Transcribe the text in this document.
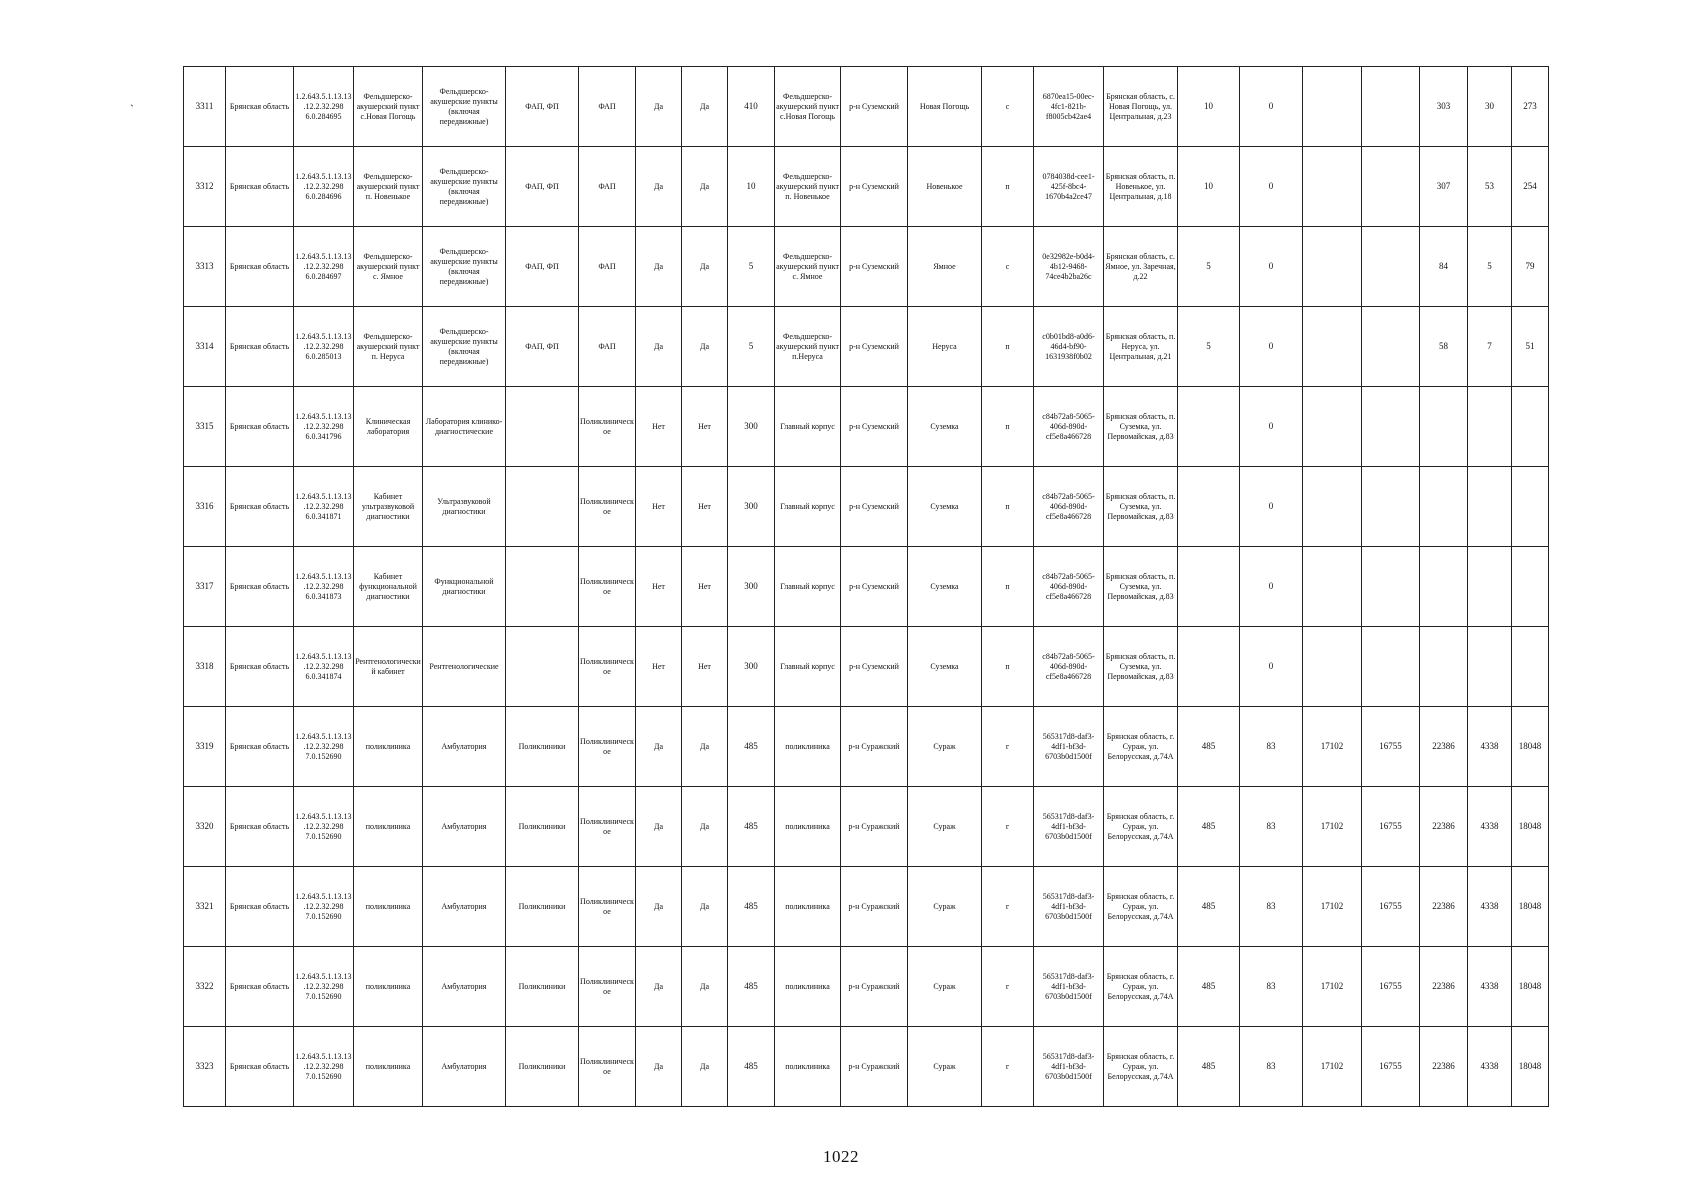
`	3311	Брянская область	1.2.643.5.1.13.13.12.2.32.298 6.0.284695	Фельдшерско-акушерский пункт с.Новая Погощь	Фельдшерско-акушерские пункты (включая передвижные)	ФАП, ФП	ФАП	Да	Да	410	Фельдшерско-акушерский пункт с.Новая Погощь	р-н Суземский	Новая Погощь	с	6870ea15-00ec-4fc1-821b-f8005cb42ae4	Брянская область, с. Новая Погощь, ул. Центральная, д.23	10	0			303	30	273
3312	Брянская область	1.2.643.5.1.13.13.12.2.32.298 6.0.284696	Фельдшерско-акушерский пункт п. Новенькое	Фельдшерско-акушерские пункты (включая передвижные)	ФАП, ФП	ФАП	Да	Да	10	Фельдшерско-акушерский пункт п. Новенькое	р-н Суземский	Новенькое	п	0784038d-cee1-425f-8bc4-1670b4a2ce47	Брянская область, п. Новенькое, ул. Центральная, д.18	10	0			307	53	254
3313	Брянская область	1.2.643.5.1.13.13.12.2.32.298 6.0.284697	Фельдшерско-акушерский пункт с. Ямное	Фельдшерско-акушерские пункты (включая передвижные)	ФАП, ФП	ФАП	Да	Да	5	Фельдшерско-акушерский пункт с. Ямное	р-н Суземский	Ямное	с	0e32982e-b0d4-4b12-9468-74ce4b2ba26c	Брянская область, с. Ямное, ул. Заречная, д.22	5	0			84	5	79
3314	Брянская область	1.2.643.5.1.13.13.12.2.32.298 6.0.285013	Фельдшерско-акушерский пункт п. Неруса	Фельдшерско-акушерские пункты (включая передвижные)	ФАП, ФП	ФАП	Да	Да	5	Фельдшерско-акушерский пункт п.Неруса	р-н Суземский	Неруса	п	c0b01bd8-a0d6-46d4-bf90-1631938f0b02	Брянская область, п. Неруса, ул. Центральная, д.21	5	0			58	7	51
3315	Брянская область	1.2.643.5.1.13.13.12.2.32.298 6.0.341796	Клиническая лаборатория	Лаборатория клинико-диагностические		Поликлиническое	Нет	Нет	300	Главный корпус	р-н Суземский	Суземка	п	c84b72a8-5065-406d-890d-cf5e8a466728	Брянская область, п. Суземка, ул. Первомайская, д.83		0					
3316	Брянская область	1.2.643.5.1.13.13.12.2.32.298 6.0.341871	Кабинет ультразвуковой диагностики	Ультразвуковой диагностики		Поликлиническое	Нет	Нет	300	Главный корпус	р-н Суземский	Суземка	п	c84b72a8-5065-406d-890d-cf5e8a466728	Брянская область, п. Суземка, ул. Первомайская, д.83		0					
3317	Брянская область	1.2.643.5.1.13.13.12.2.32.298 6.0.341873	Кабинет функциональной диагностики	Функциональной диагностики		Поликлиническое	Нет	Нет	300	Главный корпус	р-н Суземский	Суземка	п	c84b72a8-5065-406d-890d-cf5e8a466728	Брянская область, п. Суземка, ул. Первомайская, д.83		0					
3318	Брянская область	1.2.643.5.1.13.13.12.2.32.298 6.0.341874	Рентгенологический кабинет	Рентгенологические		Поликлиническое	Нет	Нет	300	Главный корпус	р-н Суземский	Суземка	п	c84b72a8-5065-406d-890d-cf5e8a466728	Брянская область, п. Суземка, ул. Первомайская, д.83		0					
3319	Брянская область	1.2.643.5.1.13.13.12.2.32.298 7.0.152690	поликлиника	Амбулатория	Поликлиники	Поликлиническое	Да	Да	485	поликлиника	р-н Суражский	Сураж	г	565317d8-daf3-4df1-bf3d-6703b0d1500f	Брянская область, г. Сураж, ул. Белорусская, д.74А	485	83	17102	16755	22386	4338	18048
3320	Брянская область	1.2.643.5.1.13.13.12.2.32.298 7.0.152690	поликлиника	Амбулатория	Поликлиники	Поликлиническое	Да	Да	485	поликлиника	р-н Суражский	Сураж	г	565317d8-daf3-4df1-bf3d-6703b0d1500f	Брянская область, г. Сураж, ул. Белорусская, д.74А	485	83	17102	16755	22386	4338	18048
3321	Брянская область	1.2.643.5.1.13.13.12.2.32.298 7.0.152690	поликлиника	Амбулатория	Поликлиники	Поликлиническое	Да	Да	485	поликлиника	р-н Суражский	Сураж	г	565317d8-daf3-4df1-bf3d-6703b0d1500f	Брянская область, г. Сураж, ул. Белорусская, д.74А	485	83	17102	16755	22386	4338	18048
3322	Брянская область	1.2.643.5.1.13.13.12.2.32.298 7.0.152690	поликлиника	Амбулатория	Поликлиники	Поликлиническое	Да	Да	485	поликлиника	р-н Суражский	Сураж	г	565317d8-daf3-4df1-bf3d-6703b0d1500f	Брянская область, г. Сураж, ул. Белорусская, д.74А	485	83	17102	16755	22386	4338	18048
3323	Брянская область	1.2.643.5.1.13.13.12.2.32.298 7.0.152690	поликлиника	Амбулатория	Поликлиники	Поликлиническое	Да	Да	485	поликлиника	р-н Суражский	Сураж	г	565317d8-daf3-4df1-bf3d-6703b0d1500f	Брянская область, г. Сураж, ул. Белорусская, д.74А	485	83	17102	16755	22386	4338	18048
1022
